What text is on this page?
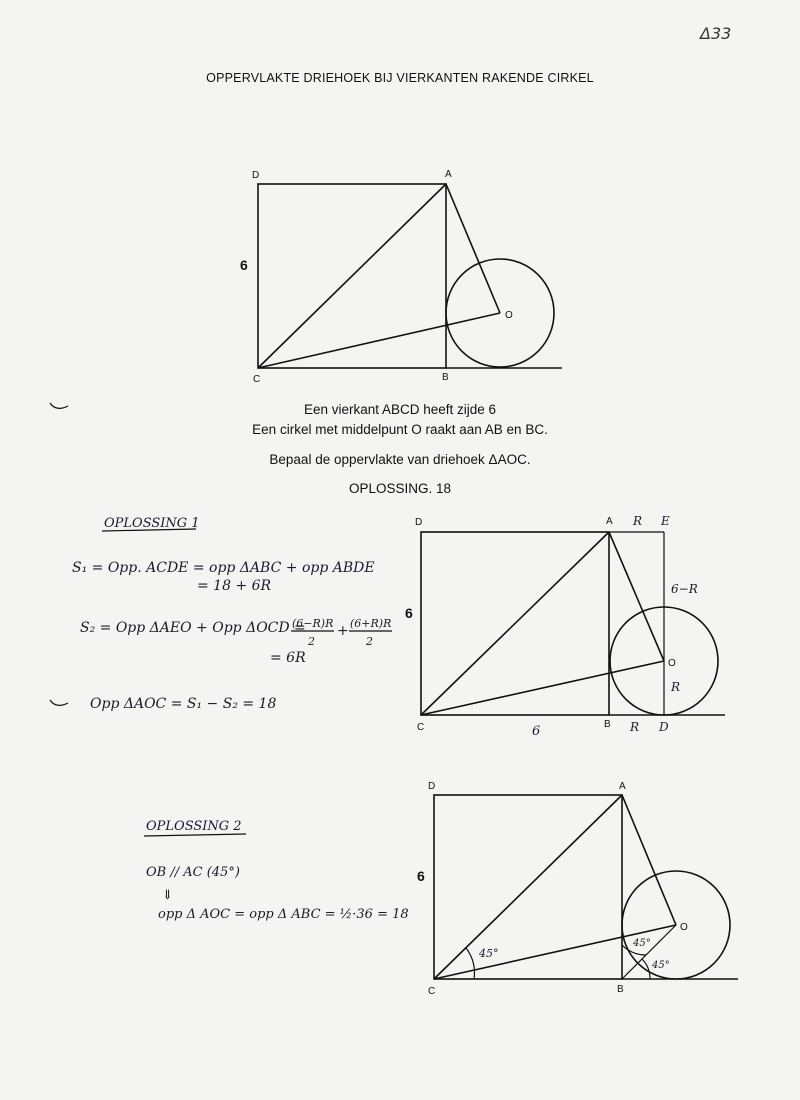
Δ33
OPPERVLAKTE DRIEHOEK BIJ VIERKANTEN RAKENDE CIRKEL
Een vierkant ABCD heeft zijde 6
Een cirkel met middelpunt O raakt aan AB en BC.
Bepaal de oppervlakte van driehoek ΔAOC.
OPLOSSING. 18
D	A
C	B
O
6
OPLOSSING 1
S₁ = Opp. ACDE = opp ΔABC + opp ABDE
= 18 + 6R
S₂ = Opp ΔAEO + Opp ΔOCD =
(6−R)R
2
+ (6+R)R
2
= 6R
Opp ΔAOC = S₁ − S₂ = 18
D	A R E
6−R
O
R
6
C	B R D
6
OPLOSSING 2
OB // AC (45°)
⇓
opp Δ AOC = opp Δ ABC = ½·36 = 18
D	A
C	B
O
6
45°
45°
45°
